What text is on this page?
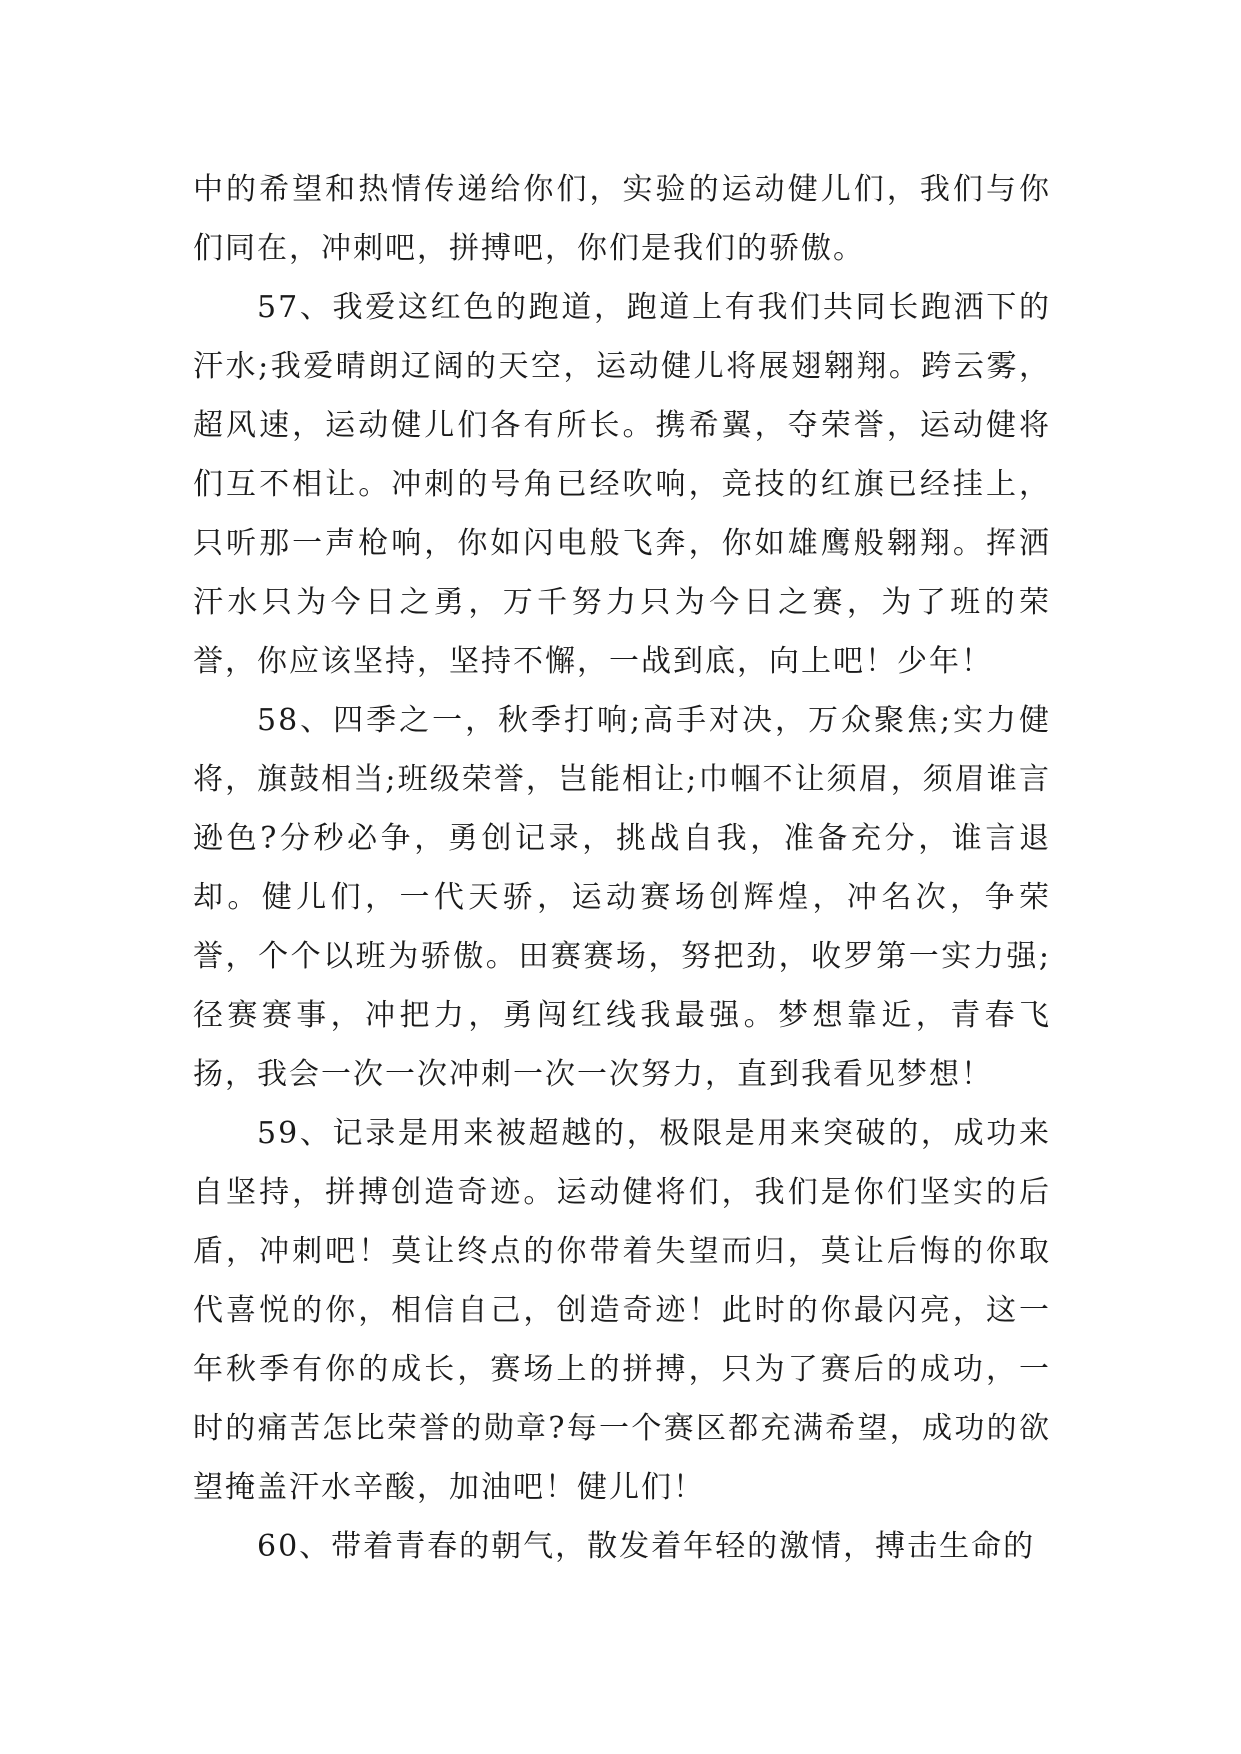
中的希望和热情传递给你们，实验的运动健儿们，我们与你们同在，冲刺吧，拼搏吧，你们是我们的骄傲。

57、我爱这红色的跑道，跑道上有我们共同长跑洒下的汗水;我爱晴朗辽阔的天空，运动健儿将展翅翱翔。跨云雾，超风速，运动健儿们各有所长。携希翼，夺荣誉，运动健将们互不相让。冲刺的号角已经吹响，竞技的红旗已经挂上，只听那一声枪响，你如闪电般飞奔，你如雄鹰般翱翔。挥洒汗水只为今日之勇，万千努力只为今日之赛，为了班的荣誉，你应该坚持，坚持不懈，一战到底，向上吧！少年！

58、四季之一，秋季打响;高手对决，万众聚焦;实力健将，旗鼓相当;班级荣誉，岂能相让;巾帼不让须眉，须眉谁言逊色?分秒必争，勇创记录，挑战自我，准备充分，谁言退却。健儿们，一代天骄，运动赛场创辉煌，冲名次，争荣誉，个个以班为骄傲。田赛赛场，努把劲，收罗第一实力强;径赛赛事，冲把力，勇闯红线我最强。梦想靠近，青春飞扬，我会一次一次冲刺一次一次努力，直到我看见梦想！

59、记录是用来被超越的，极限是用来突破的，成功来自坚持，拼搏创造奇迹。运动健将们，我们是你们坚实的后盾，冲刺吧！莫让终点的你带着失望而归，莫让后悔的你取代喜悦的你，相信自己，创造奇迹！此时的你最闪亮，这一年秋季有你的成长，赛场上的拼搏，只为了赛后的成功，一时的痛苦怎比荣誉的勋章?每一个赛区都充满希望，成功的欲望掩盖汗水辛酸，加油吧！健儿们！

60、带着青春的朝气，散发着年轻的激情，搏击生命的
